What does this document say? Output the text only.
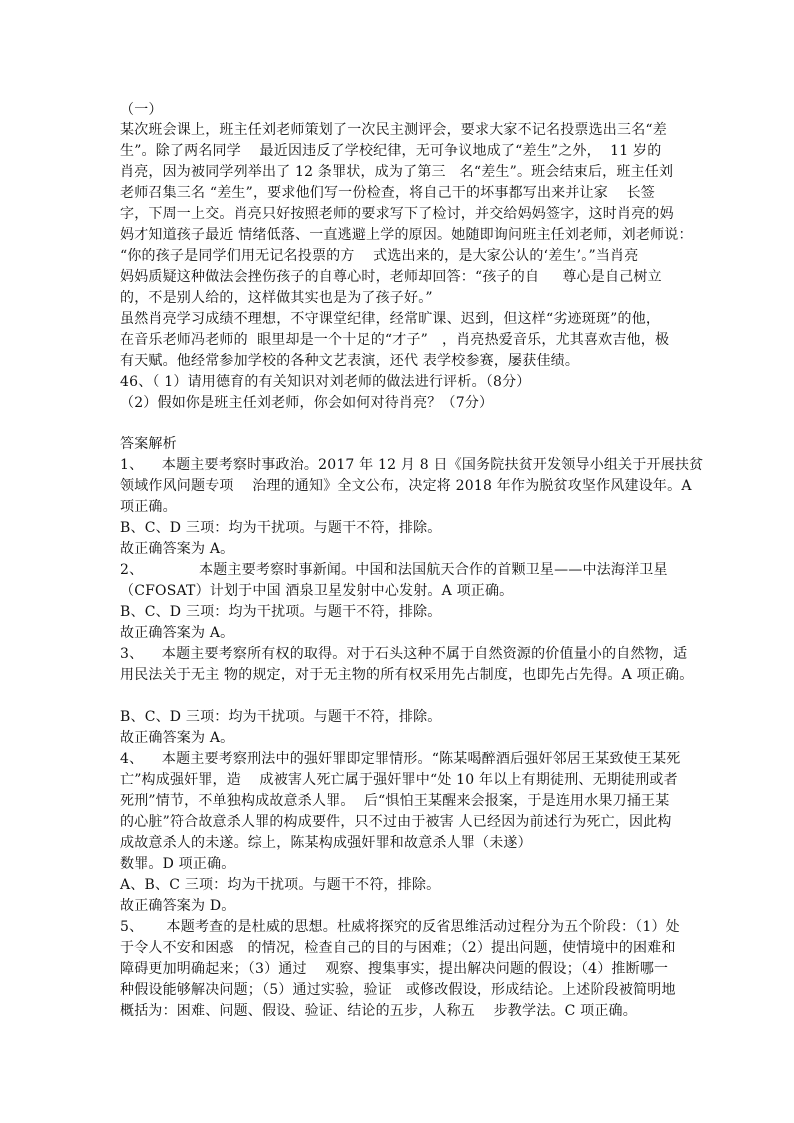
（一）

某次班会课上，班主任刘老师策划了一次民主测评会，要求大家不记名投票选出三名“差

生”。除了两名同学    最近因违反了学校纪律，无可争议地成了“差生”之外，  11 岁的

肖亮，因为被同学列举出了 12 条罪状，成为了第三   名“差生”。班会结束后，班主任刘

老师召集三名 “差生”，要求他们写一份检查，将自己干的坏事都写出来并让家    长签

字，下周一上交。肖亮只好按照老师的要求写下了检讨，并交给妈妈签字，这时肖亮的妈

妈才知道孩子最近 情绪低落、一直逃避上学的原因。她随即询问班主任刘老师，刘老师说：

“你的孩子是同学们用无记名投票的方    式选出来的，是大家公认的‘差生’。”当肖亮

妈妈质疑这种做法会挫伤孩子的自尊心时，老师却回答：“孩子的自     尊心是自己树立

的，不是别人给的，这样做其实也是为了孩子好。”

虽然肖亮学习成绩不理想，不守课堂纪律，经常旷课、迟到，但这样“劣迹斑斑”的他，

在音乐老师冯老师的  眼里却是一个十足的“才子”   ，肖亮热爱音乐，尤其喜欢吉他，极

有天赋。他经常参加学校的各种文艺表演，还代 表学校参赛，屡获佳绩。

46、（ 1）请用德育的有关知识对刘老师的做法进行评析。（8分）

（2）假如你是班主任刘老师，你会如何对待肖亮？（7分）

答案解析

1、    本题主要考察时事政治。2017 年 12 月 8 日《国务院扶贫开发领导小组关于开展扶贫

领域作风问题专项    治理的通知》全文公布，决定将 2018 年作为脱贫攻坚作风建设年。A

项正确。

B、C、D 三项：均为干扰项。与题干不符，排除。

故正确答案为 A。

2、            本题主要考察时事新闻。中国和法国航天合作的首颗卫星——中法海洋卫星

（CFOSAT）计划于中国 酒泉卫星发射中心发射。A 项正确。

B、C、D 三项：均为干扰项。与题干不符，排除。

故正确答案为 A。

3、    本题主要考察所有权的取得。对于石头这种不属于自然资源的价值量小的自然物，适

用民法关于无主 物的规定，对于无主物的所有权采用先占制度，也即先占先得。A 项正确。

B、C、D 三项：均为干扰项。与题干不符，排除。

故正确答案为 A。

4、    本题主要考察刑法中的强奸罪即定罪情形。“陈某喝醉酒后强奸邻居王某致使王某死

亡”构成强奸罪，造    成被害人死亡属于强奸罪中“处 10 年以上有期徒刑、无期徒刑或者

死刑”情节，不单独构成故意杀人罪。  后“惧怕王某醒来会报案，于是连用水果刀捅王某

的心脏”符合故意杀人罪的构成要件，只不过由于被害 人已经因为前述行为死亡，因此构

成故意杀人的未遂。综上，陈某构成强奸罪和故意杀人罪（未遂）

数罪。D 项正确。

A、B、C 三项：均为干扰项。与题干不符，排除。

故正确答案为 D。

5、     本题考查的是杜威的思想。杜威将探究的反省思维活动过程分为五个阶段：（1）处

于令人不安和困惑   的情况，检查自己的目的与困难；（2）提出问题，使情境中的困难和

障碍更加明确起来；（3）通过    观察、搜集事实，提出解决问题的假设；（4）推断哪一

种假设能够解决问题；（5）通过实验，验证   或修改假设，形成结论。上述阶段被简明地

概括为：困难、问题、假设、验证、结论的五步，人称五    步教学法。C 项正确。
